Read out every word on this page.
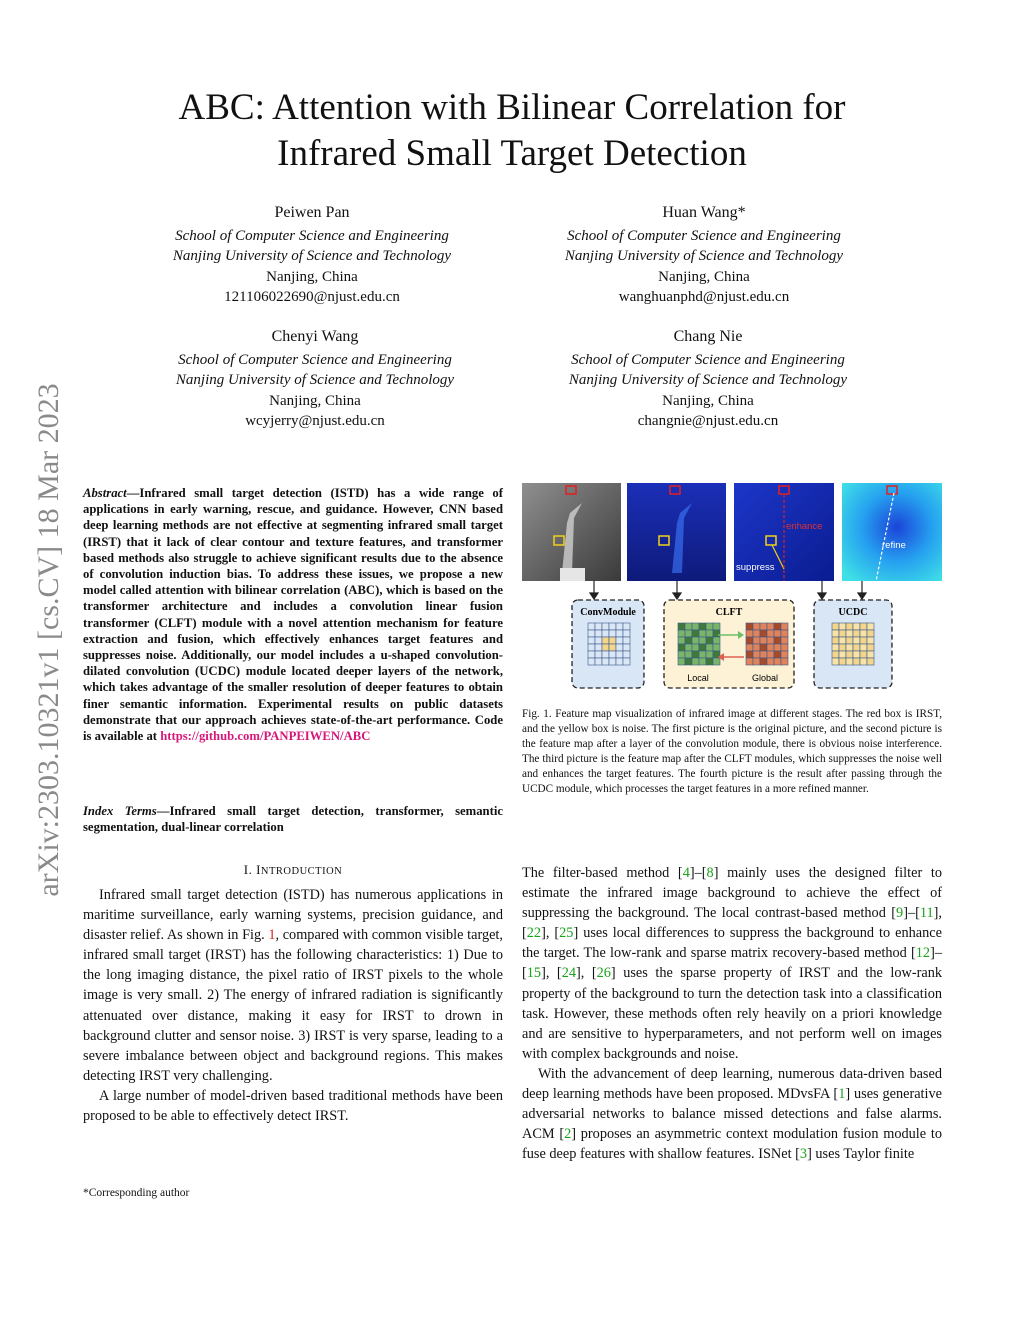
arXiv:2303.10321v1 [cs.CV] 18 Mar 2023
ABC: Attention with Bilinear Correlation for
Infrared Small Target Detection
Peiwen Pan
School of Computer Science and Engineering
Nanjing University of Science and Technology
Nanjing, China
121106022690@njust.edu.cn
Huan Wang*
School of Computer Science and Engineering
Nanjing University of Science and Technology
Nanjing, China
wanghuanphd@njust.edu.cn
Chenyi Wang
School of Computer Science and Engineering
Nanjing University of Science and Technology
Nanjing, China
wcyjerry@njust.edu.cn
Chang Nie
School of Computer Science and Engineering
Nanjing University of Science and Technology
Nanjing, China
changnie@njust.edu.cn
Abstract—Infrared small target detection (ISTD) has a wide range of applications in early warning, rescue, and guidance. However, CNN based deep learning methods are not effective at segmenting infrared small target (IRST) that it lack of clear contour and texture features, and transformer based methods also struggle to achieve significant results due to the absence of convolution induction bias. To address these issues, we propose a new model called attention with bilinear correlation (ABC), which is based on the transformer architecture and includes a convolution linear fusion transformer (CLFT) module with a novel attention mechanism for feature extraction and fusion, which effectively enhances target features and suppresses noise. Additionally, our model includes a u-shaped convolution-dilated convolution (UCDC) module located deeper layers of the network, which takes advantage of the smaller resolution of deeper features to obtain finer semantic information. Experimental results on public datasets demonstrate that our approach achieves state-of-the-art performance. Code is available at https://github.com/PANPEIWEN/ABC
Index Terms—Infrared small target detection, transformer, semantic segmentation, dual-linear correlation
I. INTRODUCTION

Infrared small target detection (ISTD) has numerous applications in maritime surveillance, early warning systems, precision guidance, and disaster relief. As shown in Fig. 1, compared with common visible target, infrared small target (IRST) has the following characteristics: 1) Due to the long imaging distance, the pixel ratio of IRST pixels to the whole image is very small. 2) The energy of infrared radiation is significantly attenuated over distance, making it easy for IRST to drown in background clutter and sensor noise. 3) IRST is very sparse, leading to a severe imbalance between object and background regions. This makes detecting IRST very challenging.

A large number of model-driven based traditional methods have been proposed to be able to effectively detect IRST.

*Corresponding author

The filter-based method [4]–[8] mainly uses the designed filter to estimate the infrared image background to achieve the effect of suppressing the background. The local contrast-based method [9]–[11], [22], [25] uses local differences to suppress the background to enhance the target. The low-rank and sparse matrix recovery-based method [12]–[15], [24], [26] uses the sparse property of IRST and the low-rank property of the background to turn the detection task into a classification task. However, these methods often rely heavily on a priori knowledge and are sensitive to hyperparameters, and not perform well on images with complex backgrounds and noise.

With the advancement of deep learning, numerous data-driven based deep learning methods have been proposed. MDvsFA [1] uses generative adversarial networks to balance missed detections and false alarms. ACM [2] proposes an asymmetric context modulation fusion module to fuse deep features with shallow features. ISNet [3] uses Taylor finite

enhance
suppress
refine
ConvModule	CLFT
Local	Global
UCDC
Fig. 1. Feature map visualization of infrared image at different stages. The red box is IRST, and the yellow box is noise. The first picture is the original picture, and the second picture is the feature map after a layer of the convolution module, there is obvious noise interference. The third picture is the feature map after the CLFT modules, which suppresses the noise well and enhances the target features. The fourth picture is the result after passing through the UCDC module, which processes the target features in a more refined manner.
